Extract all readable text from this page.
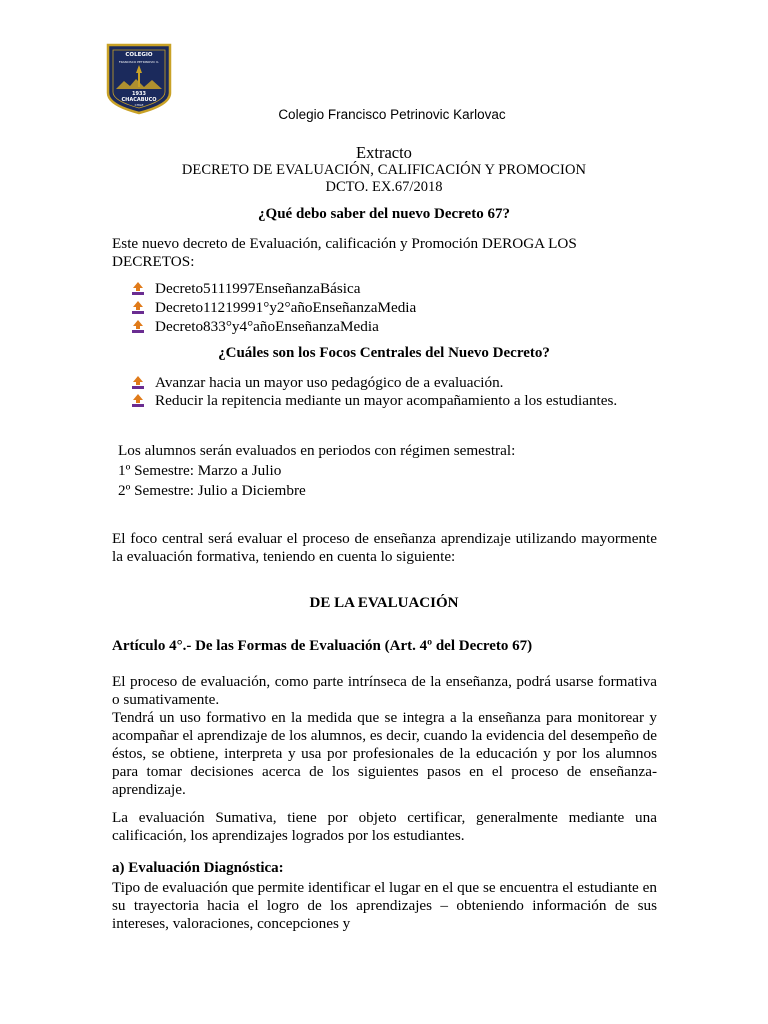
COLEGIO
FRANCISCO PETRINOVIC K.
1933
CHACABUCO
CHILE
Colegio Francisco Petrinovic Karlovac
Extracto
DECRETO DE EVALUACIÓN, CALIFICACIÓN Y PROMOCION
DCTO. EX.67/2018
¿Qué debo saber del nuevo Decreto 67?
Este nuevo decreto de Evaluación, calificación y Promoción DEROGA LOS
DECRETOS:
Decreto5111997EnseñanzaBásica
Decreto11219991°y2°añoEnseñanzaMedia
Decreto833°y4°añoEnseñanzaMedia
¿Cuáles son los Focos Centrales del Nuevo Decreto?
Avanzar hacia un mayor uso pedagógico de a evaluación.
Reducir la repitencia mediante un mayor acompañamiento a los estudiantes.
Los alumnos serán evaluados en periodos con régimen semestral:
1º Semestre: Marzo a Julio
2º Semestre: Julio a Diciembre
El foco central será evaluar el proceso de enseñanza aprendizaje utilizando mayormente la evaluación formativa, teniendo en cuenta lo siguiente:
DE LA EVALUACIÓN
Artículo 4°.- De las Formas de Evaluación (Art. 4º del Decreto 67)
El proceso de evaluación, como parte intrínseca de la enseñanza, podrá usarse formativa o sumativamente.
Tendrá un uso formativo en la medida que se integra a la enseñanza para monitorear y acompañar el aprendizaje de los alumnos, es decir, cuando la evidencia del desempeño de éstos, se obtiene, interpreta y usa por profesionales de la educación y por los alumnos para tomar decisiones acerca de los siguientes pasos en el proceso de enseñanza-aprendizaje.
La evaluación Sumativa, tiene por objeto certificar, generalmente mediante una calificación, los aprendizajes logrados por los estudiantes.
a) Evaluación Diagnóstica:
Tipo de evaluación que permite identificar el lugar en el que se encuentra el estudiante en su trayectoria hacia el logro de los aprendizajes – obteniendo información de sus intereses, valoraciones, concepciones y
